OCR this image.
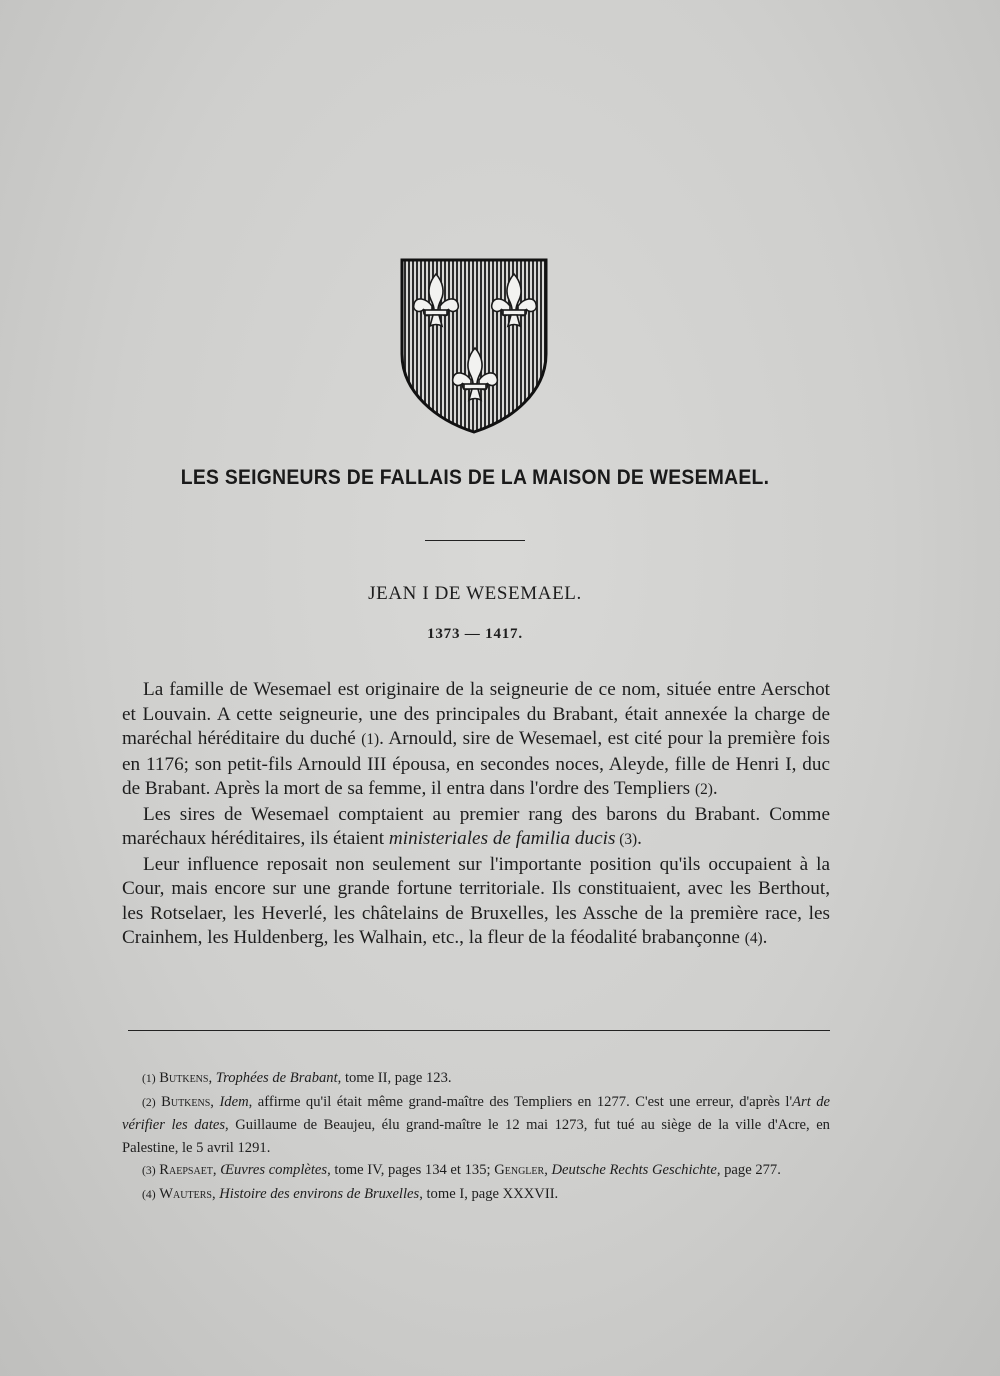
LES SEIGNEURS DE FALLAIS DE LA MAISON DE WESEMAEL.
JEAN I DE WESEMAEL.
1373 — 1417.

La famille de Wesemael est originaire de la seigneurie de ce nom, située entre Aerschot et Louvain. A cette seigneurie, une des principales du Brabant, était annexée la charge de maréchal héréditaire du duché (1). Arnould, sire de Wesemael, est cité pour la première fois en 1176; son petit-fils Arnould III épousa, en secondes noces, Aleyde, fille de Henri I, duc de Brabant. Après la mort de sa femme, il entra dans l'ordre des Templiers (2).

Les sires de Wesemael comptaient au premier rang des barons du Brabant. Comme maréchaux héréditaires, ils étaient ministeriales de familia ducis (3).

Leur influence reposait non seulement sur l'importante position qu'ils occupaient à la Cour, mais encore sur une grande fortune territoriale. Ils constituaient, avec les Berthout, les Rotselaer, les Heverlé, les châtelains de Bruxelles, les Assche de la première race, les Crainhem, les Huldenberg, les Walhain, etc., la fleur de la féodalité brabançonne (4).

(1) Butkens, Trophées de Brabant, tome II, page 123.

(2) Butkens, Idem, affirme qu'il était même grand-maître des Templiers en 1277. C'est une erreur, d'après l'Art de vérifier les dates, Guillaume de Beaujeu, élu grand-maître le 12 mai 1273, fut tué au siège de la ville d'Acre, en Palestine, le 5 avril 1291.

(3) Raepsaet, Œuvres complètes, tome IV, pages 134 et 135; Gengler, Deutsche Rechts Geschichte, page 277.

(4) Wauters, Histoire des environs de Bruxelles, tome I, page XXXVII.
